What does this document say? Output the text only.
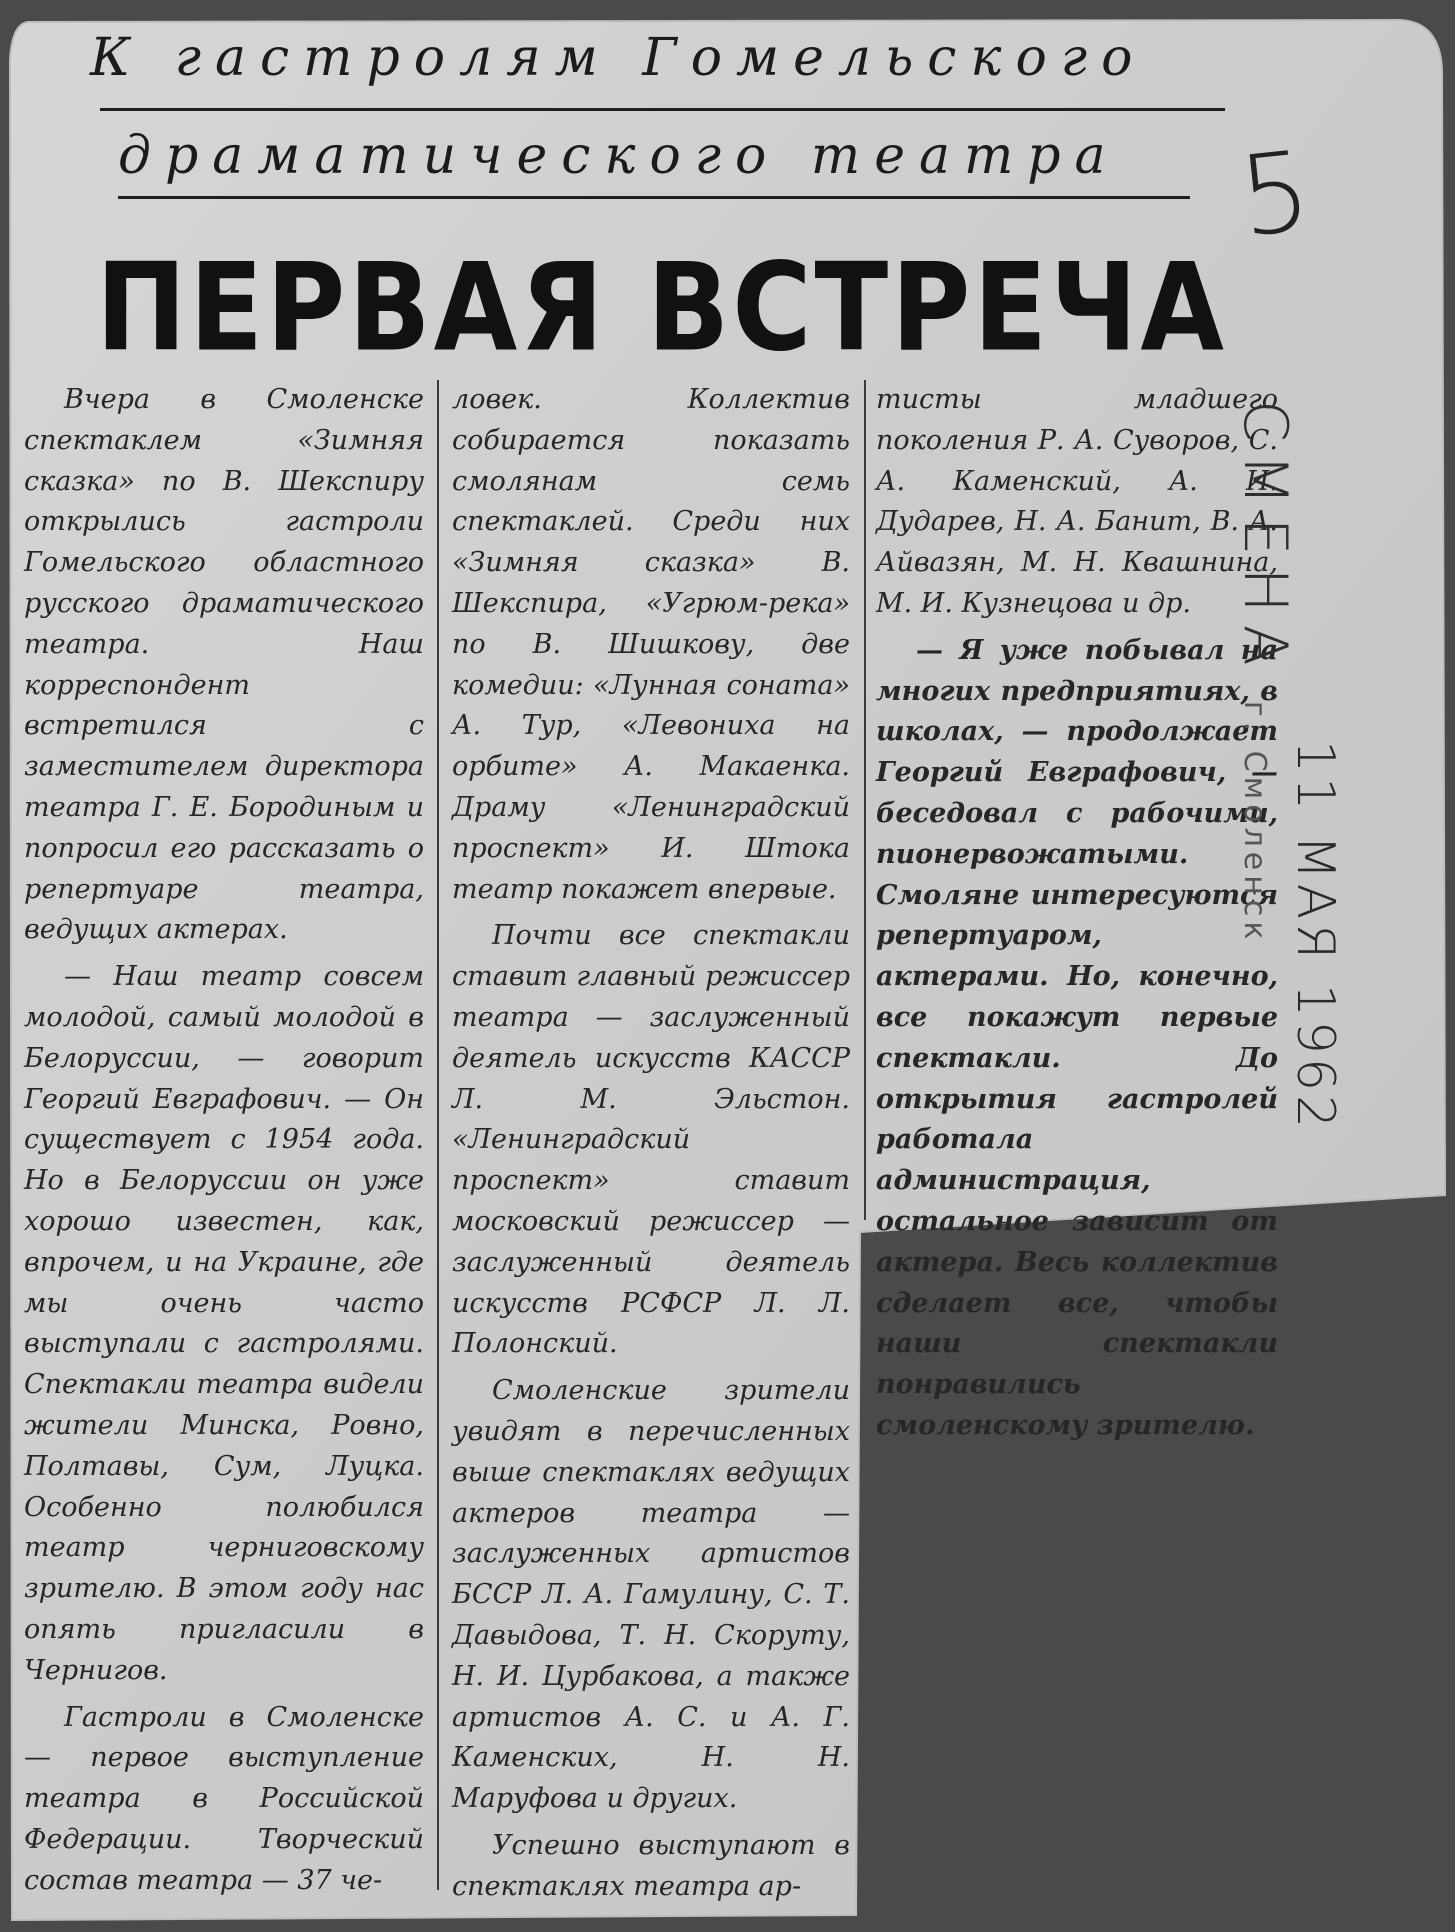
К гастролям Гомельского
драматического театра	5
ПЕРВАЯ ВСТРЕЧА

Вчера в Смоленске спектаклем «Зимняя сказка» по В. Шекспиру открылись гастроли Гомельского областного русского драматического театра. Наш корреспондент встретился с заместителем директора театра Г. Е. Бородиным и попросил его рассказать о репертуаре театра, ведущих актерах.

— Наш театр совсем молодой, самый молодой в Белоруссии, — говорит Георгий Евграфович. — Он существует с 1954 года. Но в Белоруссии он уже хорошо известен, как, впрочем, и на Украине, где мы очень часто выступали с гастролями. Спектакли театра видели жители Минска, Ровно, Полтавы, Сум, Луцка. Особенно полюбился театр черниговскому зрителю. В этом году нас опять пригласили в Чернигов.

Гастроли в Смоленске — первое выступление театра в Российской Федерации. Творческий состав театра — 37 че-

ловек. Коллектив собирается показать смолянам семь спектаклей. Среди них «Зимняя сказка» В. Шекспира, «Угрюм-река» по В. Шишкову, две комедии: «Лунная соната» А. Тур, «Левониха на орбите» А. Макаенка. Драму «Ленинградский проспект» И. Штока театр покажет впервые.

Почти все спектакли ставит главный режиссер театра — заслуженный деятель искусств КАССР Л. М. Эльстон. «Ленинградский проспект» ставит московский режиссер — заслуженный деятель искусств РСФСР Л. Л. Полонский.

Смоленские зрители увидят в перечисленных выше спектаклях ведущих актеров театра — заслуженных артистов БССР Л. А. Гамулину, С. Т. Давыдова, Т. Н. Скоруту, Н. И. Цурбакова, а также артистов А. С. и А. Г. Каменских, Н. Н. Маруфова и других.

Успешно выступают в спектаклях театра ар-

тисты младшего поколения Р. А. Суворов, С. А. Каменский, А. И. Дударев, Н. А. Банит, В. А. Айвазян, М. Н. Квашнина, М. И. Кузнецова и др.

— Я уже побывал на многих предприятиях, в школах, — продолжает Георгий Евграфович, — беседовал с рабочими, пионервожатыми. Смоляне интересуются репертуаром, актерами. Но, конечно, все покажут первые спектакли. До открытия гастролей работала администрация, остальное зависит от актера. Весь коллектив сделает все, чтобы наши спектакли понравились смоленскому зрителю.

СМЕНА г. Смоленск 11 МАЯ 1962
